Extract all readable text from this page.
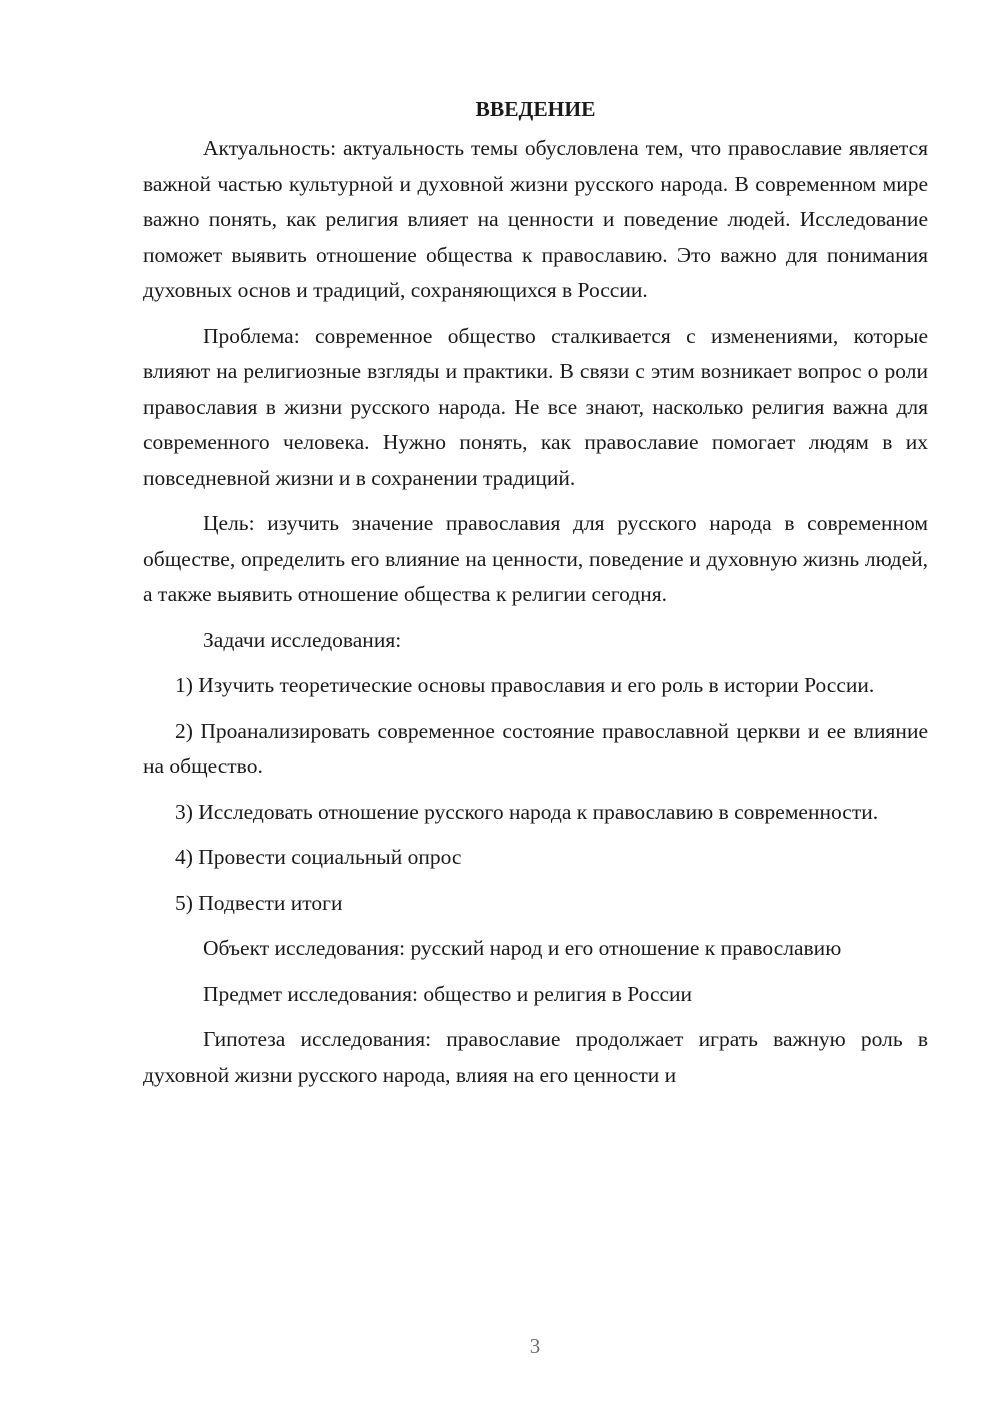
ВВЕДЕНИЕ

Актуальность: актуальность темы обусловлена тем, что православие является важной частью культурной и духовной жизни русского народа. В современном мире важно понять, как религия влияет на ценности и поведение людей. Исследование поможет выявить отношение общества к православию. Это важно для понимания духовных основ и традиций, сохраняющихся в России.

Проблема: современное общество сталкивается с изменениями, которые влияют на религиозные взгляды и практики. В связи с этим возникает вопрос о роли православия в жизни русского народа. Не все знают, насколько религия важна для современного человека. Нужно понять, как православие помогает людям в их повседневной жизни и в сохранении традиций.

Цель: изучить значение православия для русского народа в современном обществе, определить его влияние на ценности, поведение и духовную жизнь людей, а также выявить отношение общества к религии сегодня.

Задачи исследования:

1) Изучить теоретические основы православия и его роль в истории России.

2) Проанализировать современное состояние православной церкви и ее влияние на общество.

3) Исследовать отношение русского народа к православию в современности.

4) Провести социальный опрос

5) Подвести итоги

Объект исследования: русский народ и его отношение к православию

Предмет исследования: общество и религия в России

Гипотеза исследования: православие продолжает играть важную роль в духовной жизни русского народа, влияя на его ценности и

3
